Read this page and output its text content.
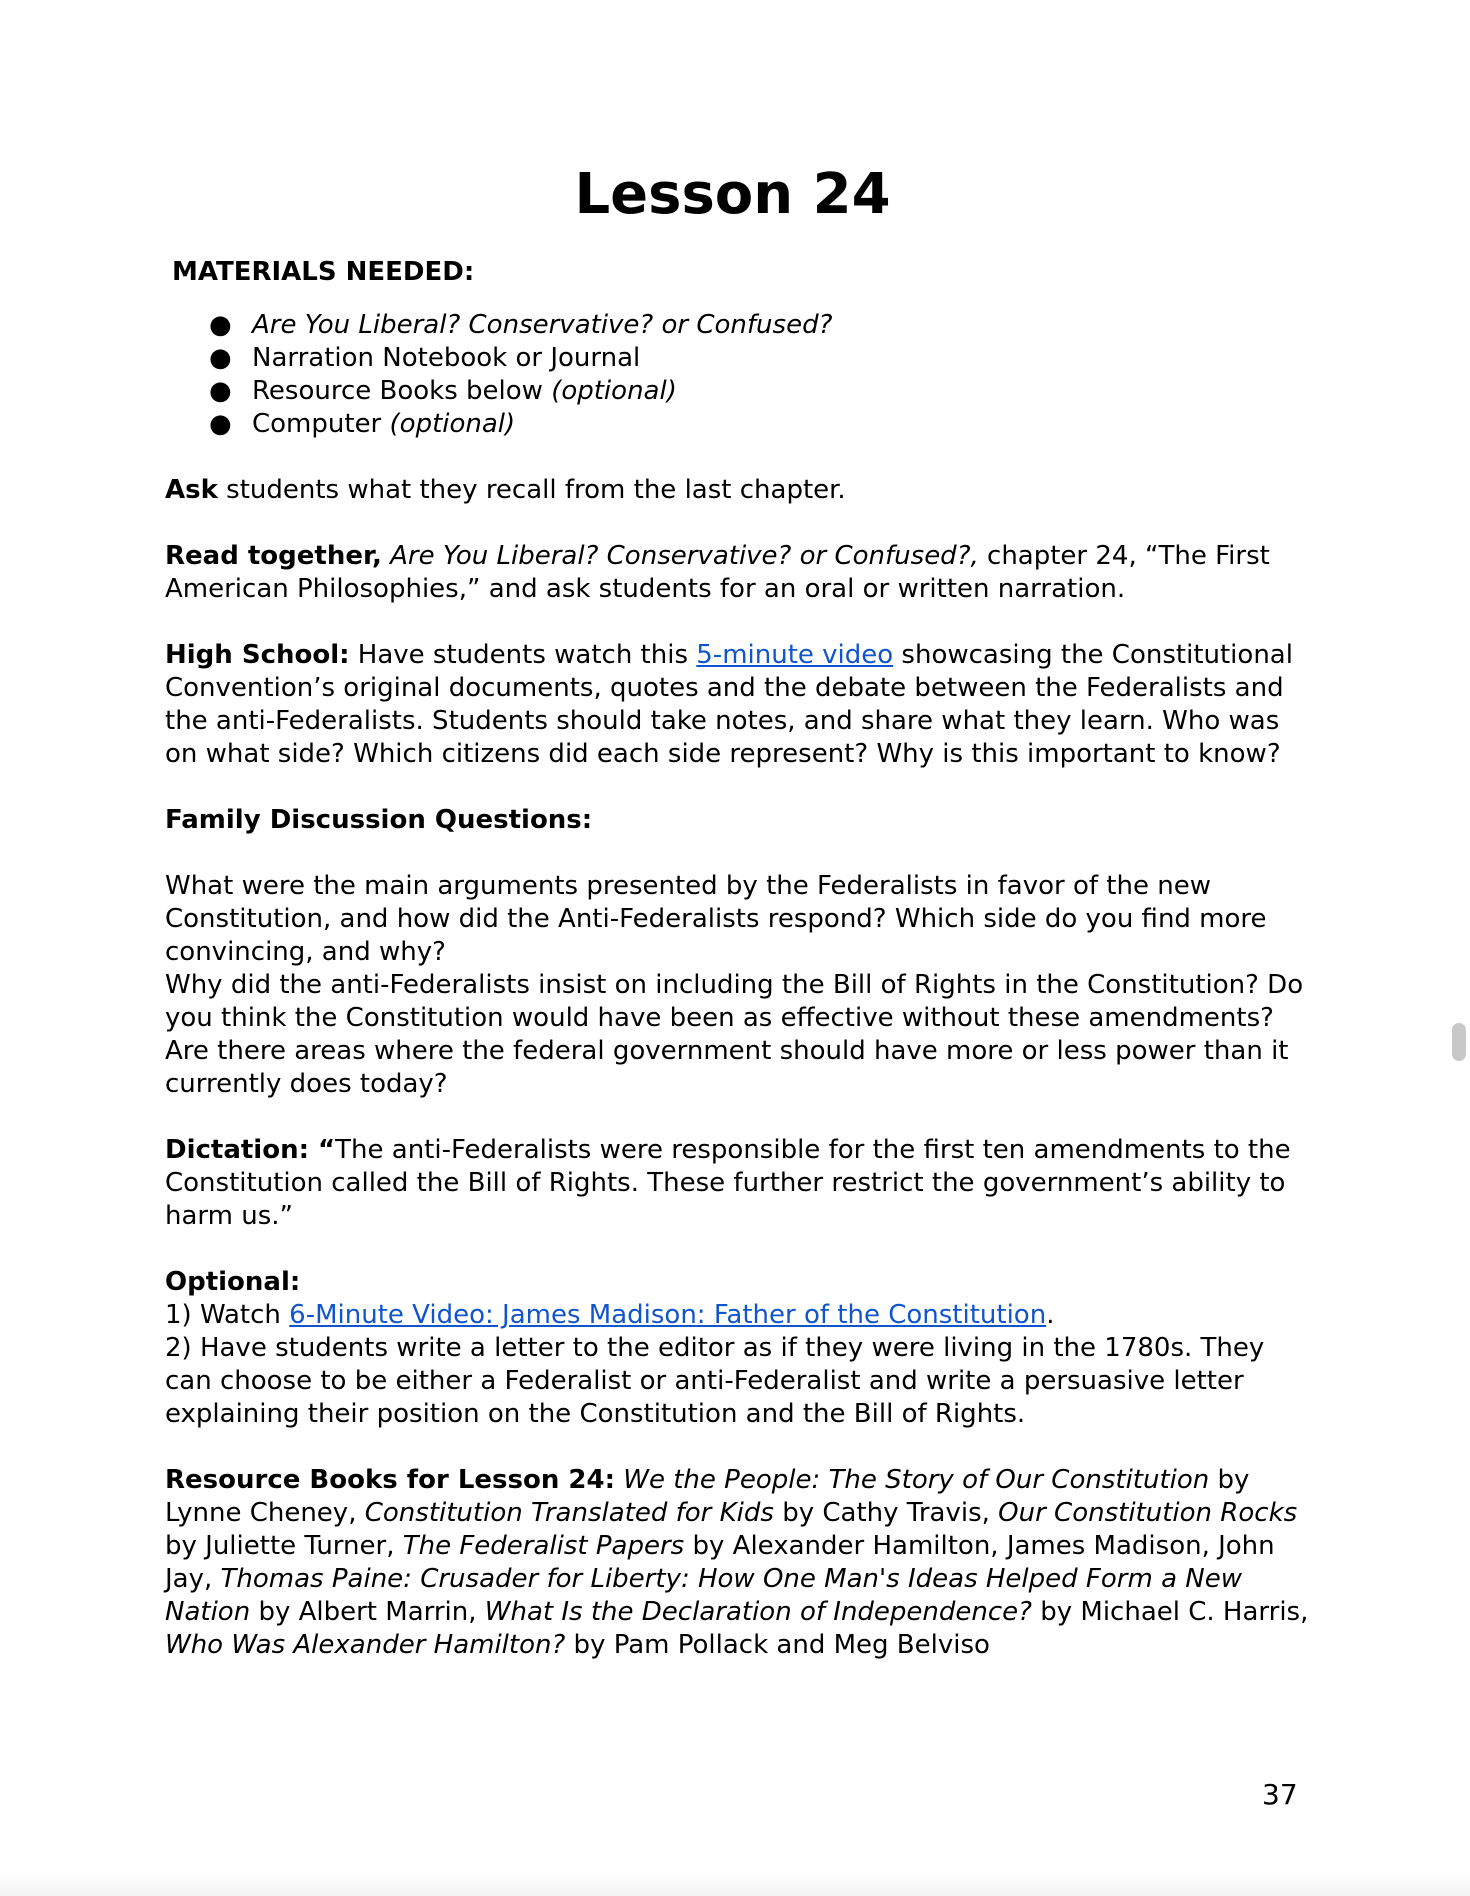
Lesson 24
MATERIALS NEEDED:
● Are You Liberal? Conservative? or Confused?
● Narration Notebook or Journal
● Resource Books below (optional)
● Computer (optional)

Ask students what they recall from the last chapter.

Read together, Are You Liberal? Conservative? or Confused?, chapter 24, “The First American Philosophies,” and ask students for an oral or written narration.

High School: Have students watch this 5-minute video showcasing the Constitutional Convention’s original documents, quotes and the debate between the Federalists and the anti-Federalists. Students should take notes, and share what they learn. Who was on what side? Which citizens did each side represent? Why is this important to know?

Family Discussion Questions:

What were the main arguments presented by the Federalists in favor of the new Constitution, and how did the Anti-Federalists respond? Which side do you find more convincing, and why?
Why did the anti-Federalists insist on including the Bill of Rights in the Constitution? Do you think the Constitution would have been as effective without these amendments?
Are there areas where the federal government should have more or less power than it currently does today?

Dictation: “The anti-Federalists were responsible for the first ten amendments to the Constitution called the Bill of Rights. These further restrict the government’s ability to harm us.”

Optional:
1) Watch 6-Minute Video: James Madison: Father of the Constitution.
2) Have students write a letter to the editor as if they were living in the 1780s. They can choose to be either a Federalist or anti-Federalist and write a persuasive letter explaining their position on the Constitution and the Bill of Rights.

Resource Books for Lesson 24: We the People: The Story of Our Constitution by Lynne Cheney, Constitution Translated for Kids by Cathy Travis, Our Constitution Rocks by Juliette Turner, The Federalist Papers by Alexander Hamilton, James Madison, John Jay, Thomas Paine: Crusader for Liberty: How One Man's Ideas Helped Form a New Nation by Albert Marrin, What Is the Declaration of Independence? by Michael C. Harris, Who Was Alexander Hamilton? by Pam Pollack and Meg Belviso

37
